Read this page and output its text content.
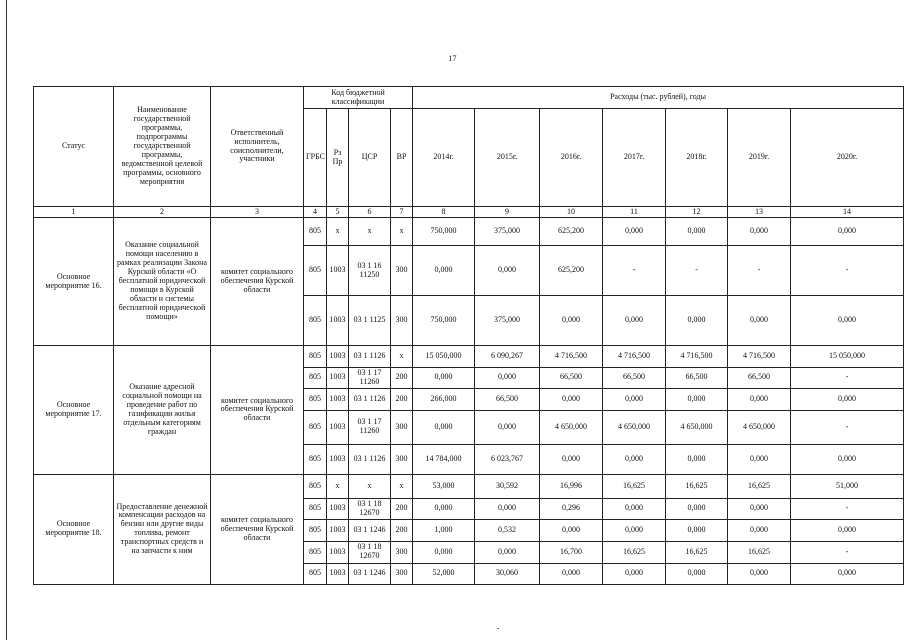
17
Статус	Наименование государственной программы, подпрограммы государственной программы, ведомственной целевой программы, основного мероприятия	Ответственный исполнитель, соисполнители, участники	Код бюджетной классификации				Расходы (тыс. рублей), годы						
			ГРБС	Рз Пр	ЦСР	ВР	2014г.	2015г.	2016г.	2017г.	2018г.	2019г.	2020г.
1	2	3	4	5	6	7	8	9	10	11	12	13	14
Основное мероприятие 16.	Оказание социальной помощи населению в рамках реализации Закона Курской области «О бесплатной юридической помощи в Курской области и системы бесплатной юридической помощи»	комитет социального обеспечения Курской области	805	x	x	x	750,000	375,000	625,200	0,000	0,000	0,000	0,000
			805	1003	03 1 16 11250	300	0,000	0,000	625,200	-	-	-	-
			805	1003	03 1 1125	300	750,000	375,000	0,000	0,000	0,000	0,000	0,000
Основное мероприятие 17.	Оказание адресной социальной помощи на проведение работ по газификации жилья отдельным категориям граждан	комитет социального обеспечения Курской области	805	1003	03 1 1126	x	15 050,000	6 090,267	4 716,500	4 716,500	4 716,500	4 716,500	15 050,000
			805	1003	03 1 17 11260	200	0,000	0,000	66,500	66,500	66,500	66,500	-
			805	1003	03 1 1126	200	266,000	66,500	0,000	0,000	0,000	0,000	0,000
			805	1003	03 1 17 11260	300	0,000	0,000	4 650,000	4 650,000	4 650,000	4 650,000	-
			805	1003	03 1 1126	300	14 784,000	6 023,767	0,000	0,000	0,000	0,000	0,000
Основное мероприятие 18.	Предоставление денежной компенсации расходов на бензин или другие виды топлива, ремонт транспортных средств и на запчасти к ним	комитет социального обеспечения Курской области	805	x	x	x	53,000	30,592	16,996	16,625	16,625	16,625	51,000
			805	1003	03 1 18 12670	200	0,000	0,000	0,296	0,000	0,000	0,000	-
			805	1003	03 1 1246	200	1,000	0,532	0,000	0,000	0,000	0,000	0,000
			805	1003	03 1 18 12670	300	0,000	0,000	16,700	16,625	16,625	16,625	-
			805	1003	03 1 1246	300	52,000	30,060	0,000	0,000	0,000	0,000	0,000
